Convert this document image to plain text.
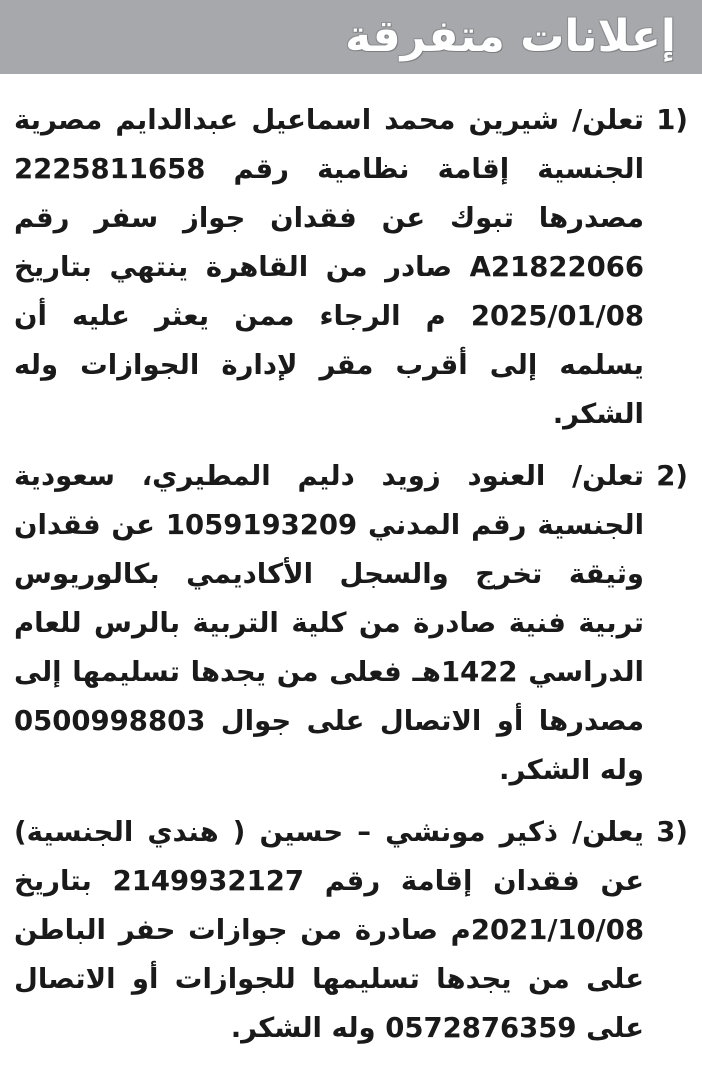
إعلانات متفرقة
1)
تعلن/ شيرين محمد اسماعيل عبدالدايم مصرية الجنسية إقامة نظامية رقم 2225811658 مصدرها تبوك عن فقدان جواز سفر رقم A21822066 صادر من القاهرة ينتهي بتاريخ 2025/01/08 م الرجاء ممن يعثر عليه أن يسلمه إلى أقرب مقر لإدارة الجوازات وله الشكر.
2)
تعلن/ العنود زويد دليم المطيري، سعودية الجنسية رقم المدني 1059193209 عن فقدان وثيقة تخرج والسجل الأكاديمي بكالوريوس تربية فنية صادرة من كلية التربية بالرس للعام الدراسي 1422هـ فعلى من يجدها تسليمها إلى مصدرها أو الاتصال على جوال 0500998803 وله الشكر.
3)
يعلن/ ذكير مونشي – حسين ( هندي الجنسية) عن فقدان إقامة رقم 2149932127 بتاريخ 2021/10/08م صادرة من جوازات حفر الباطن على من يجدها تسليمها للجوازات أو الاتصال على 0572876359 وله الشكر.
